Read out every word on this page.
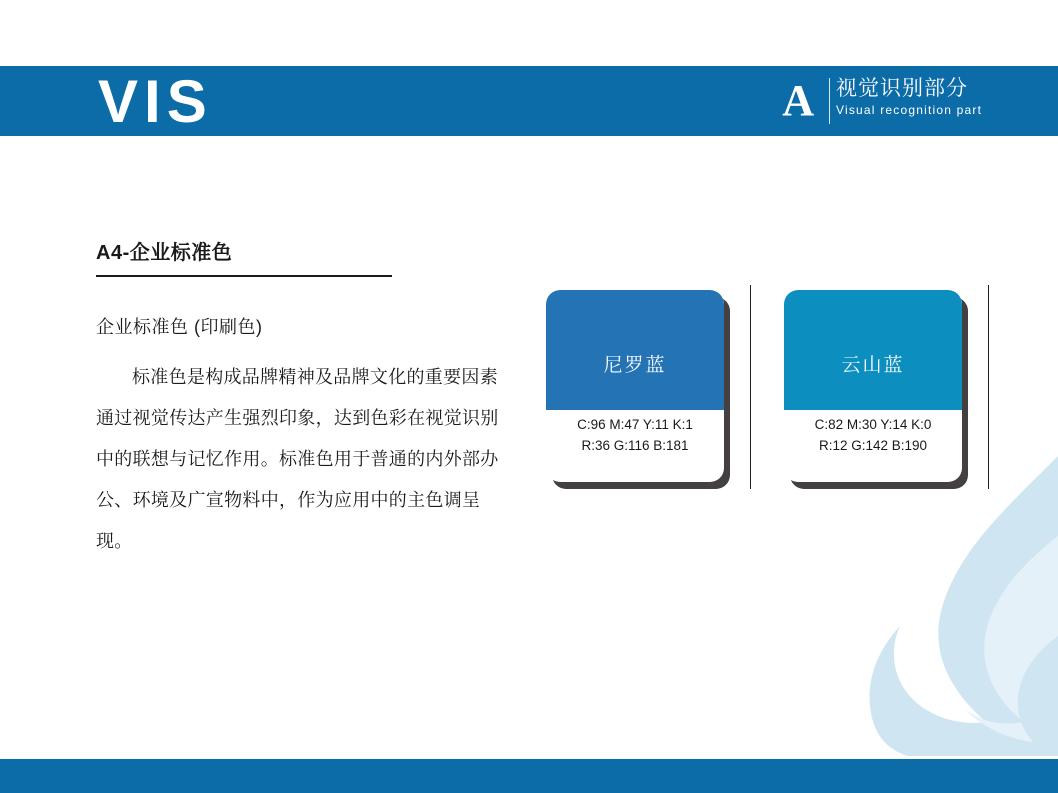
VIS	A 视觉识别部分
Visual recognition part
A4-企业标准色
企业标准色 (印刷色)
标准色是构成品牌精神及品牌文化的重要因素通过视觉传达产生强烈印象，达到色彩在视觉识别中的联想与记忆作用。标准色用于普通的内外部办公、环境及广宣物料中，作为应用中的主色调呈现。
尼罗蓝
C:96 M:47 Y:11 K:1
R:36 G:116 B:181
云山蓝
C:82 M:30 Y:14 K:0
R:12 G:142 B:190
